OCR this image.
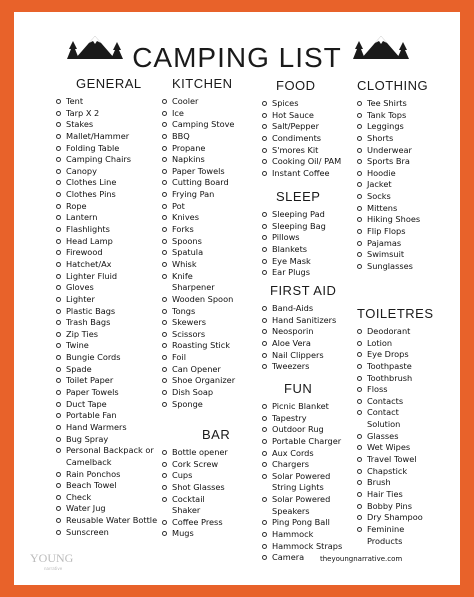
CAMPING LIST
GENERAL
Tent
Tarp X 2
Stakes
Mallet/Hammer
Folding Table
Camping Chairs
Canopy
Clothes Line
Clothes Pins
Rope
Lantern
Flashlights
Head Lamp
Firewood
Hatchet/Ax
Lighter Fluid
Gloves
Lighter
Plastic Bags
Trash Bags
Zip Ties
Twine
Bungie Cords
Spade
Toilet Paper
Paper Towels
Duct Tape
Portable Fan
Hand Warmers
Bug Spray
Personal Backpack or
Camelback
Rain Ponchos
Beach Towel
Check
Water Jug
Reusable Water Bottle
Sunscreen
KITCHEN
Cooler
Ice
Camping Stove
BBQ
Propane
Napkins
Paper Towels
Cutting Board
Frying Pan
Pot
Knives
Forks
Spoons
Spatula
Whisk
Knife
Sharpener
Wooden Spoon
Tongs
Skewers
Scissors
Roasting Stick
Foil
Can Opener
Shoe Organizer
Dish Soap
Sponge
BAR
Bottle opener
Cork Screw
Cups
Shot Glasses
Cocktail
Shaker
Coffee Press
Mugs
FOOD
Spices
Hot Sauce
Salt/Pepper
Condiments
S'mores Kit
Cooking Oil/ PAM
Instant Coffee
SLEEP
Sleeping Pad
Sleeping Bag
Pillows
Blankets
Eye Mask
Ear Plugs
FIRST AID
Band-Aids
Hand Sanitizers
Neosporin
Aloe Vera
Nail Clippers
Tweezers
FUN
Picnic Blanket
Tapestry
Outdoor Rug
Portable Charger
Aux Cords
Chargers
Solar Powered
String Lights
Solar Powered
Speakers
Ping Pong Ball
Hammock
Hammock Straps
Camera
CLOTHING
Tee Shirts
Tank Tops
Leggings
Shorts
Underwear
Sports Bra
Hoodie
Jacket
Socks
Mittens
Hiking Shoes
Flip Flops
Pajamas
Swimsuit
Sunglasses
TOILETRES
Deodorant
Lotion
Eye Drops
Toothpaste
Toothbrush
Floss
Contacts
Contact
Solution
Glasses
Wet Wipes
Travel Towel
Chapstick
Brush
Hair Ties
Bobby Pins
Dry Shampoo
Feminine
Products
YOUNG
narrative
theyoungnarrative.com
